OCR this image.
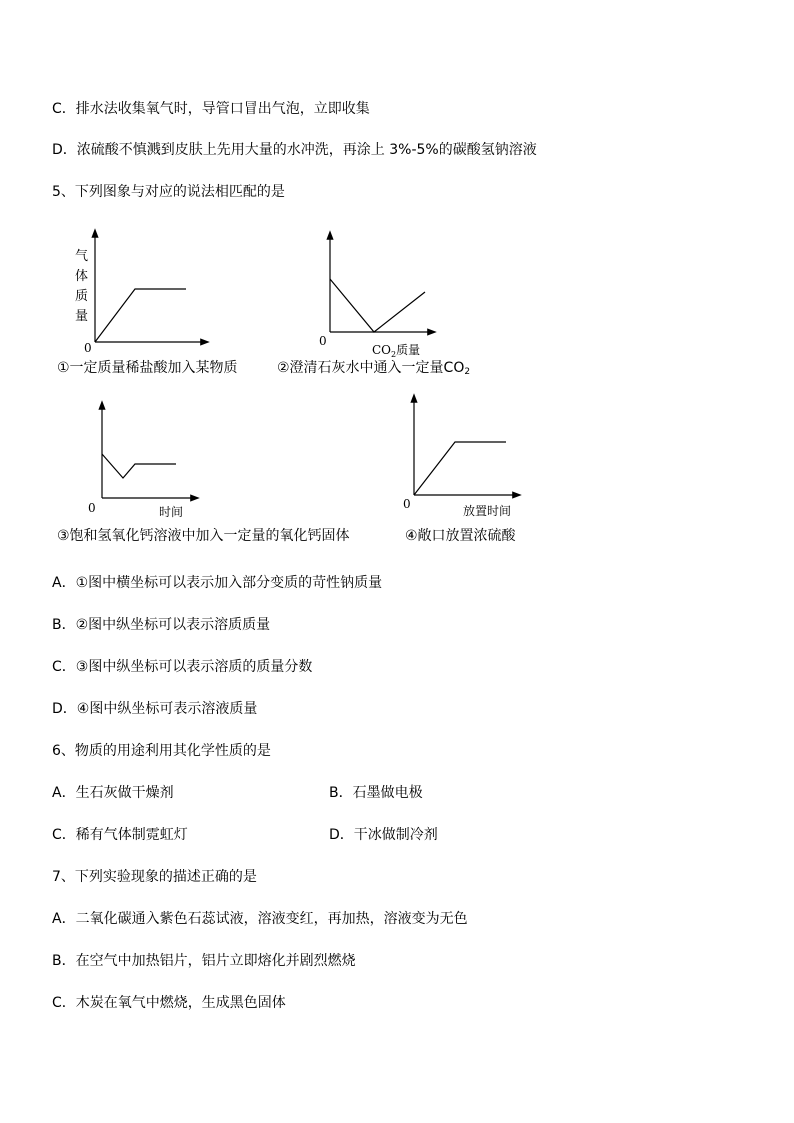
C．排水法收集氧气时，导管口冒出气泡，立即收集
D．浓硫酸不慎溅到皮肤上先用大量的水冲洗，再涂上 3%-5%的碳酸氢钠溶液
5、下列图象与对应的说法相匹配的是
气
体
质
量
0
①一定质量稀盐酸加入某物质
0
$CO_2$质量
②澄清石灰水中通入一定量$CO_2$
0	时间
③饱和氢氧化钙溶液中加入一定量的氧化钙固体
0	放置时间
④敞口放置浓硫酸
A．①图中横坐标可以表示加入部分变质的苛性钠质量
B．②图中纵坐标可以表示溶质质量
C．③图中纵坐标可以表示溶质的质量分数
D．④图中纵坐标可表示溶液质量
6、物质的用途利用其化学性质的是
A．生石灰做干燥剂	B．石墨做电极
C．稀有气体制霓虹灯	D．干冰做制冷剂
7、下列实验现象的描述正确的是
A．二氧化碳通入紫色石蕊试液，溶液变红，再加热，溶液变为无色
B．在空气中加热铝片，铝片立即熔化并剧烈燃烧
C．木炭在氧气中燃烧，生成黑色固体
